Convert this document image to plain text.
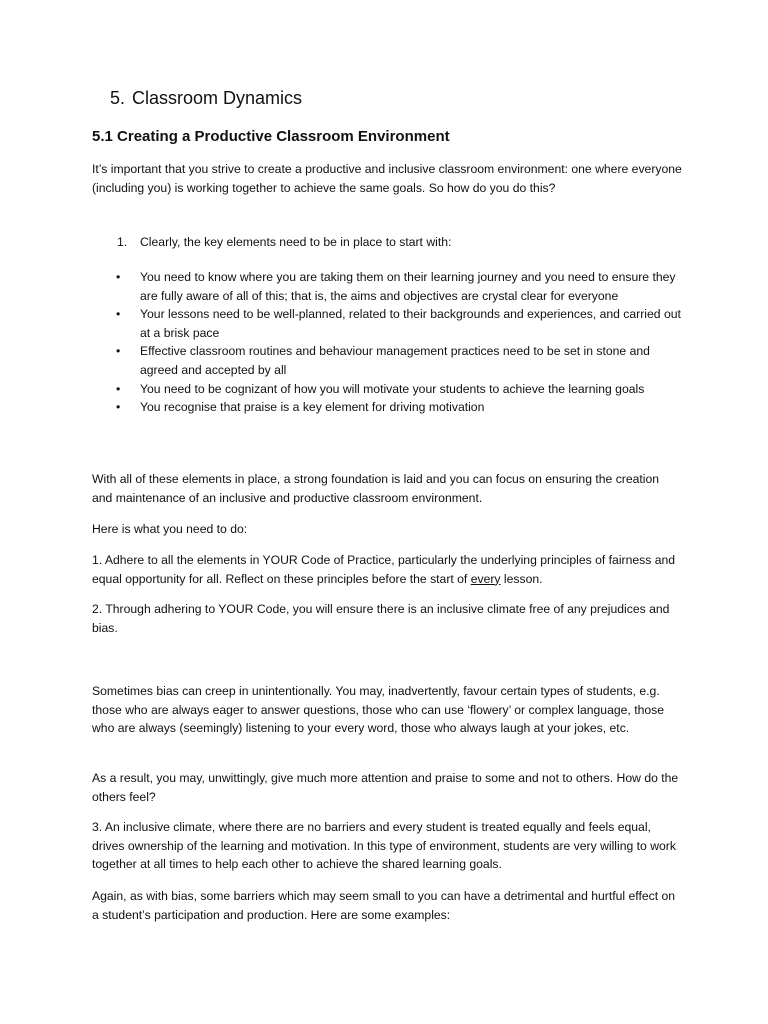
5. Classroom Dynamics
5.1 Creating a Productive Classroom Environment

It’s important that you strive to create a productive and inclusive classroom environment: one where everyone (including you) is working together to achieve the same goals. So how do you do this?

1. Clearly, the key elements need to be in place to start with:

• You need to know where you are taking them on their learning journey and you need to ensure they are fully aware of all of this; that is, the aims and objectives are crystal clear for everyone
• Your lessons need to be well-planned, related to their backgrounds and experiences, and carried out at a brisk pace
• Effective classroom routines and behaviour management practices need to be set in stone and agreed and accepted by all
• You need to be cognizant of how you will motivate your students to achieve the learning goals
• You recognise that praise is a key element for driving motivation

With all of these elements in place, a strong foundation is laid and you can focus on ensuring the creation and maintenance of an inclusive and productive classroom environment.

Here is what you need to do:

1. Adhere to all the elements in YOUR Code of Practice, particularly the underlying principles of fairness and equal opportunity for all. Reflect on these principles before the start of every lesson.

2. Through adhering to YOUR Code, you will ensure there is an inclusive climate free of any prejudices and bias.

Sometimes bias can creep in unintentionally. You may, inadvertently, favour certain types of students, e.g. those who are always eager to answer questions, those who can use ‘flowery’ or complex language, those who are always (seemingly) listening to your every word, those who always laugh at your jokes, etc.

As a result, you may, unwittingly, give much more attention and praise to some and not to others. How do the others feel?

3. An inclusive climate, where there are no barriers and every student is treated equally and feels equal, drives ownership of the learning and motivation. In this type of environment, students are very willing to work together at all times to help each other to achieve the shared learning goals.

Again, as with bias, some barriers which may seem small to you can have a detrimental and hurtful effect on a student’s participation and production. Here are some examples:
